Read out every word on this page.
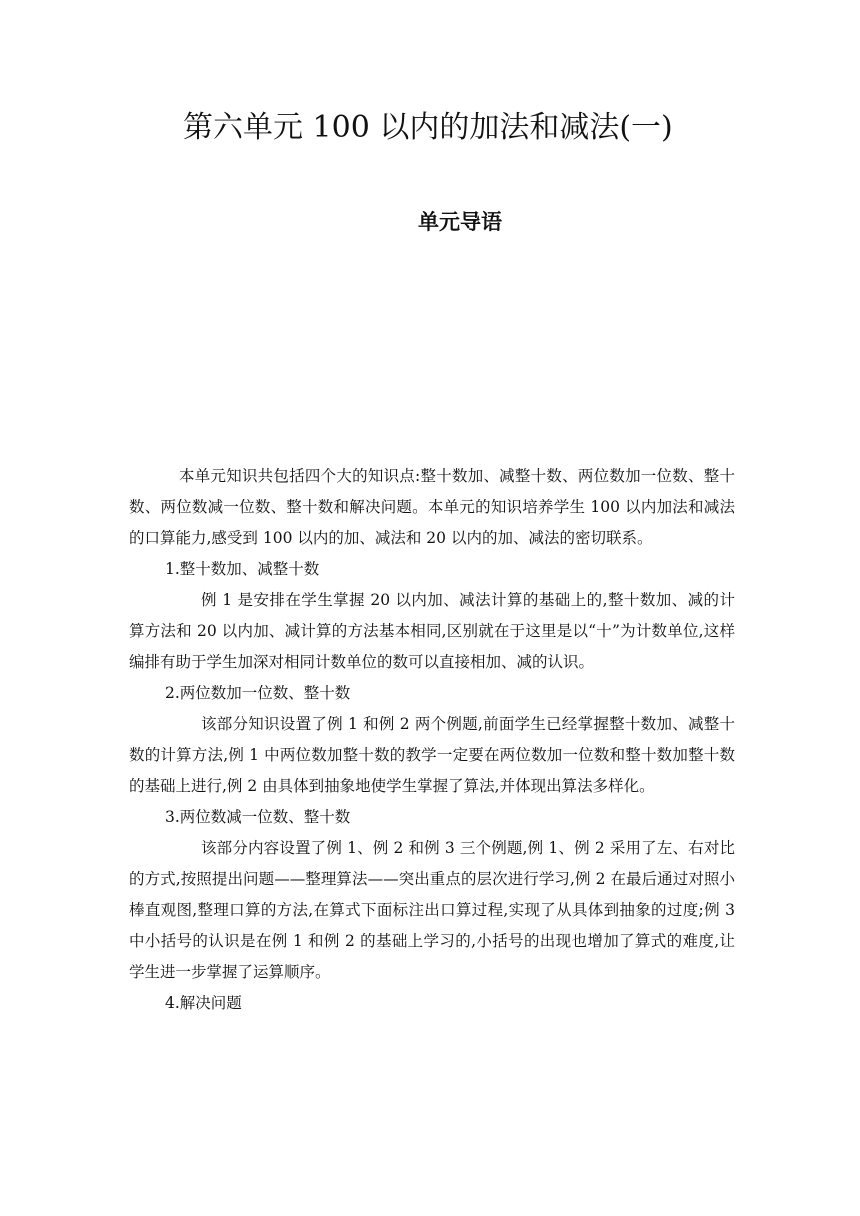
第六单元 100 以内的加法和减法(一)
单元导语

本单元知识共包括四个大的知识点:整十数加、减整十数、两位数加一位数、整十数、两位数减一位数、整十数和解决问题。本单元的知识培养学生 100 以内加法和减法的口算能力,感受到 100 以内的加、减法和 20 以内的加、减法的密切联系。

1.整十数加、减整十数

例 1 是安排在学生掌握 20 以内加、减法计算的基础上的,整十数加、减的计算方法和 20 以内加、减计算的方法基本相同,区别就在于这里是以“十”为计数单位,这样编排有助于学生加深对相同计数单位的数可以直接相加、减的认识。

2.两位数加一位数、整十数

该部分知识设置了例 1 和例 2 两个例题,前面学生已经掌握整十数加、减整十数的计算方法,例 1 中两位数加整十数的教学一定要在两位数加一位数和整十数加整十数的基础上进行,例 2 由具体到抽象地使学生掌握了算法,并体现出算法多样化。

3.两位数减一位数、整十数

该部分内容设置了例 1、例 2 和例 3 三个例题,例 1、例 2 采用了左、右对比的方式,按照提出问题——整理算法——突出重点的层次进行学习,例 2 在最后通过对照小棒直观图,整理口算的方法,在算式下面标注出口算过程,实现了从具体到抽象的过度;例 3 中小括号的认识是在例 1 和例 2 的基础上学习的,小括号的出现也增加了算式的难度,让学生进一步掌握了运算顺序。

4.解决问题
